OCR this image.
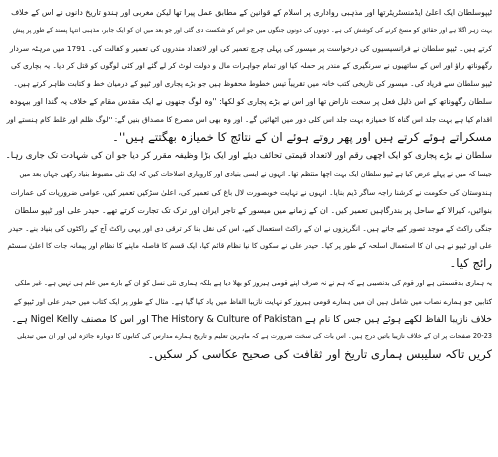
ٹیپوسلطان ایک اعلیٰ ایڈمنسٹریٹرتھا اور مذہبی رواداری پر اسلام کے قوانین کے مطابق عمل پیرا تھا لیکن مغربی اور ہندو تاریخ دانوں نے اس کے خلاف
بہت زہر اگلا ہے اور حقائق کو مسخ کرنے کی کوشش کی ہے۔ دونوں کی دونوں جنگوں میں جو اس کو شکست دی گئی اور جو بعد میں ان کو ایک جابر، مذہبی انتہا پسند کے طور پر پیش
کرتے ہیں۔ ٹیپو سلطان نے فرانسیسیوں کی درخواست پر میسور کی پہلی چرچ تعمیر کی اور لاتعداد مندروں کی تعمیر و کفالت کی۔ 1791 میں مرہٹہ سردار
رگھوناتھ راؤ اور اس کے ساتھیوں نے سرنگیری کے مندر پر حملہ کیا اور تمام جواہرات مال و دولت لوٹ کر لے گئے اور کئی لوگوں کو قتل کر دیا۔ یہ بچاری کی
ٹیپو سلطان سے فریاد کی۔ میسور کی تاریخی کتب خانہ میں تقریباً تیس خطوط محفوظ ہیں جو بڑے پجاری اور ٹیپو کے درمیان خط و کتابت ظاہر کرتے ہیں۔
سلطان رگھوناتھ کے اس ذلیل فعل پر سخت ناراض تھا اور اس نے بڑے پجاری کو لکھا: ''وہ لوگ جنھوں نے ایک مقدس مقام کے خلاف یہ گندا اور بیہودہ
اقدام کیا ہے بہت جلد اس گناہ کا خمیازہ بہت جلد اس کلی دور میں اٹھائیں گے۔ اور وہ بھی اس مصرع کا مصداق بنیں گے: ''لوگ ظلم اور غلط کام ہنستے اور
مسکراتے ہوئے کرتے ہیں اور پھر روتے ہوئے ان کے نتائج کا خمیازہ بھگتتے ہیں''۔
سلطان نے بڑے پجاری کو ایک اچھی رقم اور لاتعداد قیمتی تحائف دیئے اور ایک بڑا وظیفہ مقرر کر دیا جو ان کی شہادت تک جاری رہا۔
جیسا کہ میں نے پہلے عرض کیا ہے ٹیپو سلطان ایک بہت اچھا منتظم تھا۔ انہوں نے ایسی بنیادی اور کاروباری اصلاحات کیں کہ ایک نئی مضبوط بنیاد رکھی جہاں بعد میں
ہندوستان کی حکومت نے کرشنا راجہ ساگر ڈیم بنایا۔ انہوں نے نہایت خوبصورت لال باغ کی تعمیر کی، اعلیٰ سڑکیں تعمیر کیں، عوامی ضروریات کی عمارات
بنوائیں، کیرالا کے ساحل پر بندرگاہیں تعمیر کیں۔ ان کے زمانے میں میسور کے تاجر ایران اور ترک تک تجارت کرتے تھے۔ حیدر علی اور ٹیپو سلطان
جنگی راکٹ کے موجد تصور کیے جاتے ہیں۔ انگریزوں نے ان کے راکٹ استعمال کیے، اس کی نقل بنا کر ترقی دی اور یہی راکٹ آج کے راکٹوں کی بنیاد بنے۔ حیدر
علی اور ٹیپو نے ہی ان کا استعمال اسلحہ کے طور پر کیا۔ حیدر علی نے سکوں کا نیا نظام قائم کیا، ایک قسم کا فاصلہ ماپنے کا نظام اور پیمانہ جات کا اعلیٰ سسٹم
رائج کیا۔
یہ ہماری بدقسمتی ہے اور قوم کی بدنصیبی ہے کہ ہم نے نہ صرف اپنے قومی ہیروز کو بھلا دیا ہے بلکہ ہماری نئی نسل کو ان کے بارے میں علم ہی نہیں ہے۔ غیر ملکی
کتابیں جو ہمارے نصاب میں شامل ہیں ان میں ہمارے قومی ہیروز کو نہایت نازیبا الفاظ میں یاد کیا گیا ہے۔ مثال کے طور پر ایک کتاب میں حیدر علی اور ٹیپو کے
خلاف نازیبا الفاظ لکھے ہوئے ہیں جس کا نام ہے The History & Culture of Pakistan اور اس کا مصنف Nigel Kelly ہے۔
20-23 صفحات پر ان کے خلاف نازیبا باتیں درج ہیں۔ اس بات کی سخت ضرورت ہے کہ ماہرین تعلیم و تاریخ ہمارے مدارس کی کتابوں کا دوبارہ جائزہ لیں اور ان میں تبدیلی
کریں تاکہ سلیبس ہماری تاریخ اور ثقافت کی صحیح عکاسی کر سکیں۔
